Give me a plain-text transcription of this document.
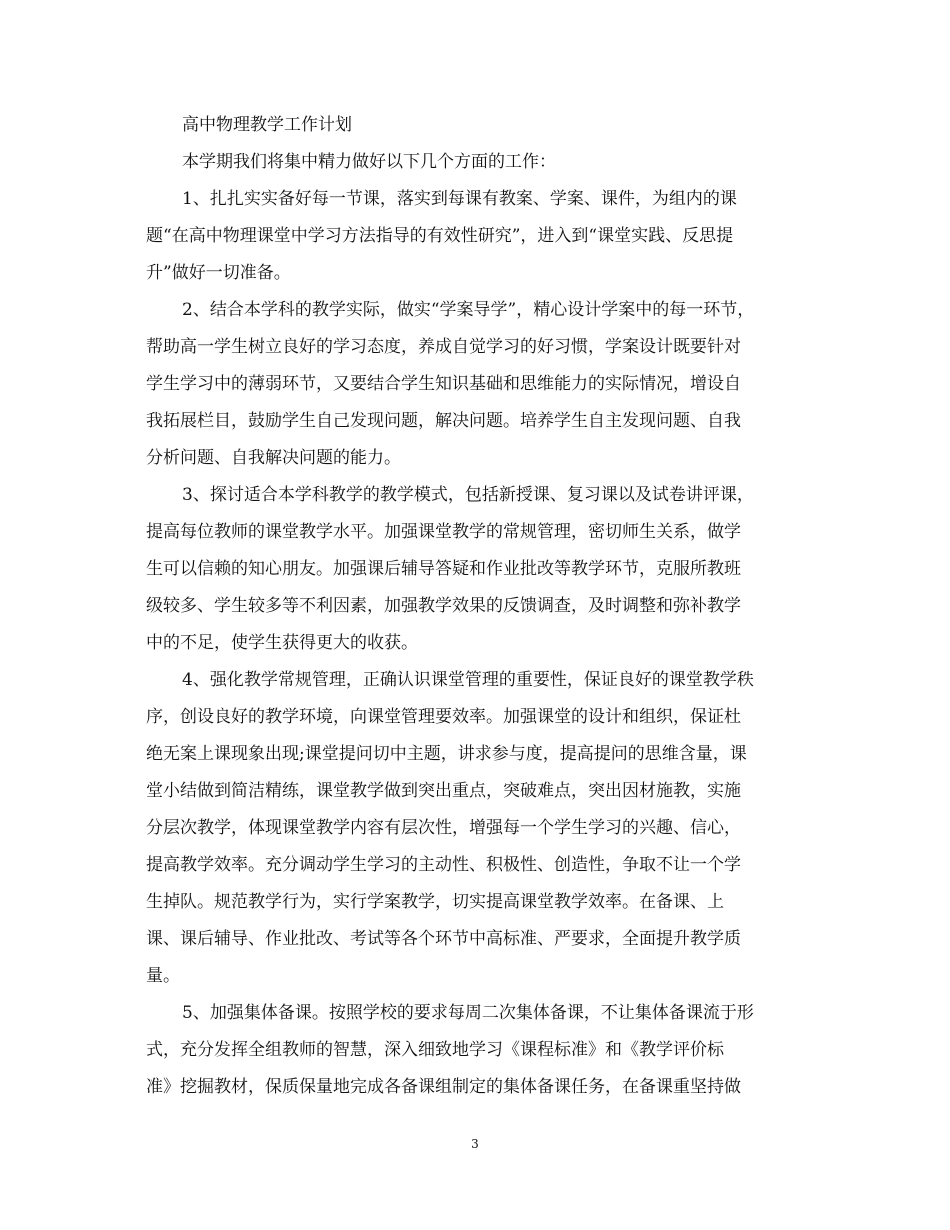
高中物理教学工作计划

本学期我们将集中精力做好以下几个方面的工作：

1、扎扎实实备好每一节课，落实到每课有教案、学案、课件，为组内的课

题“在高中物理课堂中学习方法指导的有效性研究”，进入到“课堂实践、反思提

升”做好一切准备。

2、结合本学科的教学实际，做实“学案导学”，精心设计学案中的每一环节，

帮助高一学生树立良好的学习态度，养成自觉学习的好习惯，学案设计既要针对

学生学习中的薄弱环节，又要结合学生知识基础和思维能力的实际情况，增设自

我拓展栏目，鼓励学生自己发现问题，解决问题。培养学生自主发现问题、自我

分析问题、自我解决问题的能力。

3、探讨适合本学科教学的教学模式，包括新授课、复习课以及试卷讲评课，

提高每位教师的课堂教学水平。加强课堂教学的常规管理，密切师生关系，做学

生可以信赖的知心朋友。加强课后辅导答疑和作业批改等教学环节，克服所教班

级较多、学生较多等不利因素，加强教学效果的反馈调查，及时调整和弥补教学

中的不足，使学生获得更大的收获。

4、强化教学常规管理，正确认识课堂管理的重要性，保证良好的课堂教学秩

序，创设良好的教学环境，向课堂管理要效率。加强课堂的设计和组织，保证杜

绝无案上课现象出现;课堂提问切中主题，讲求参与度，提高提问的思维含量，课

堂小结做到简洁精练，课堂教学做到突出重点，突破难点，突出因材施教，实施

分层次教学，体现课堂教学内容有层次性，增强每一个学生学习的兴趣、信心，

提高教学效率。充分调动学生学习的主动性、积极性、创造性，争取不让一个学

生掉队。规范教学行为，实行学案教学，切实提高课堂教学效率。在备课、上

课、课后辅导、作业批改、考试等各个环节中高标准、严要求，全面提升教学质

量。

5、加强集体备课。按照学校的要求每周二次集体备课，不让集体备课流于形

式，充分发挥全组教师的智慧，深入细致地学习《课程标准》和《教学评价标

准》挖掘教材，保质保量地完成各备课组制定的集体备课任务，在备课重坚持做

3
